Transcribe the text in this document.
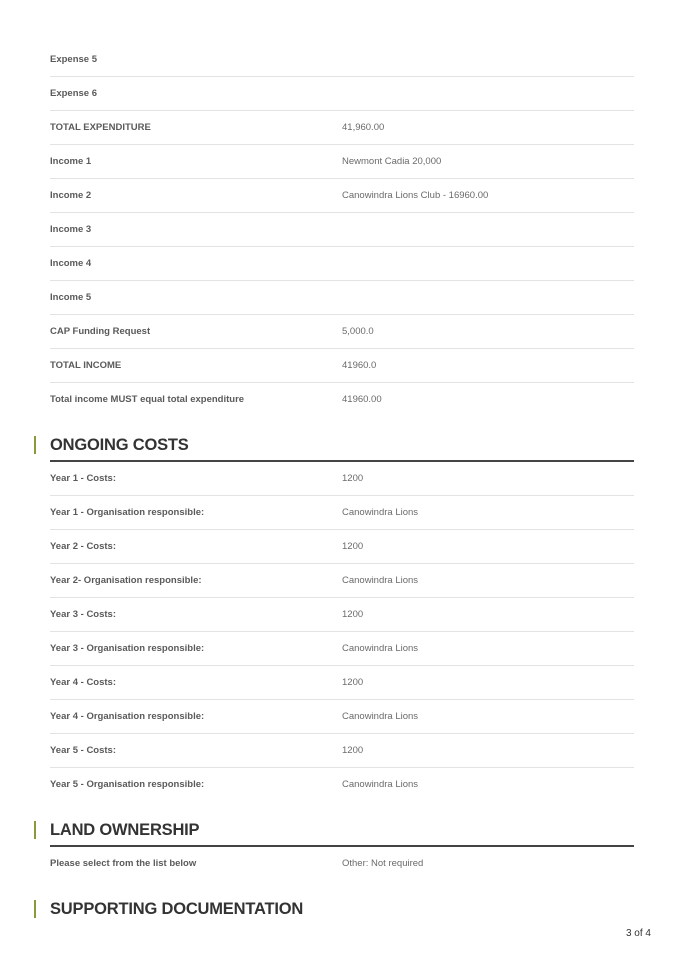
Expense 5
Expense 6
TOTAL EXPENDITURE	41,960.00
Income 1	Newmont Cadia 20,000
Income 2	Canowindra Lions Club - 16960.00
Income 3
Income 4
Income 5
CAP Funding Request	5,000.0
TOTAL INCOME	41960.0
Total income MUST equal total expenditure	41960.00
ONGOING COSTS
Year 1 - Costs:	1200
Year 1 - Organisation responsible:	Canowindra Lions
Year 2 - Costs:	1200
Year 2- Organisation responsible:	Canowindra Lions
Year 3 - Costs:	1200
Year 3 - Organisation responsible:	Canowindra Lions
Year 4 - Costs:	1200
Year 4 - Organisation responsible:	Canowindra Lions
Year 5 - Costs:	1200
Year 5 - Organisation responsible:	Canowindra Lions
LAND OWNERSHIP
Please select from the list below	Other: Not required
SUPPORTING DOCUMENTATION
3 of 4
